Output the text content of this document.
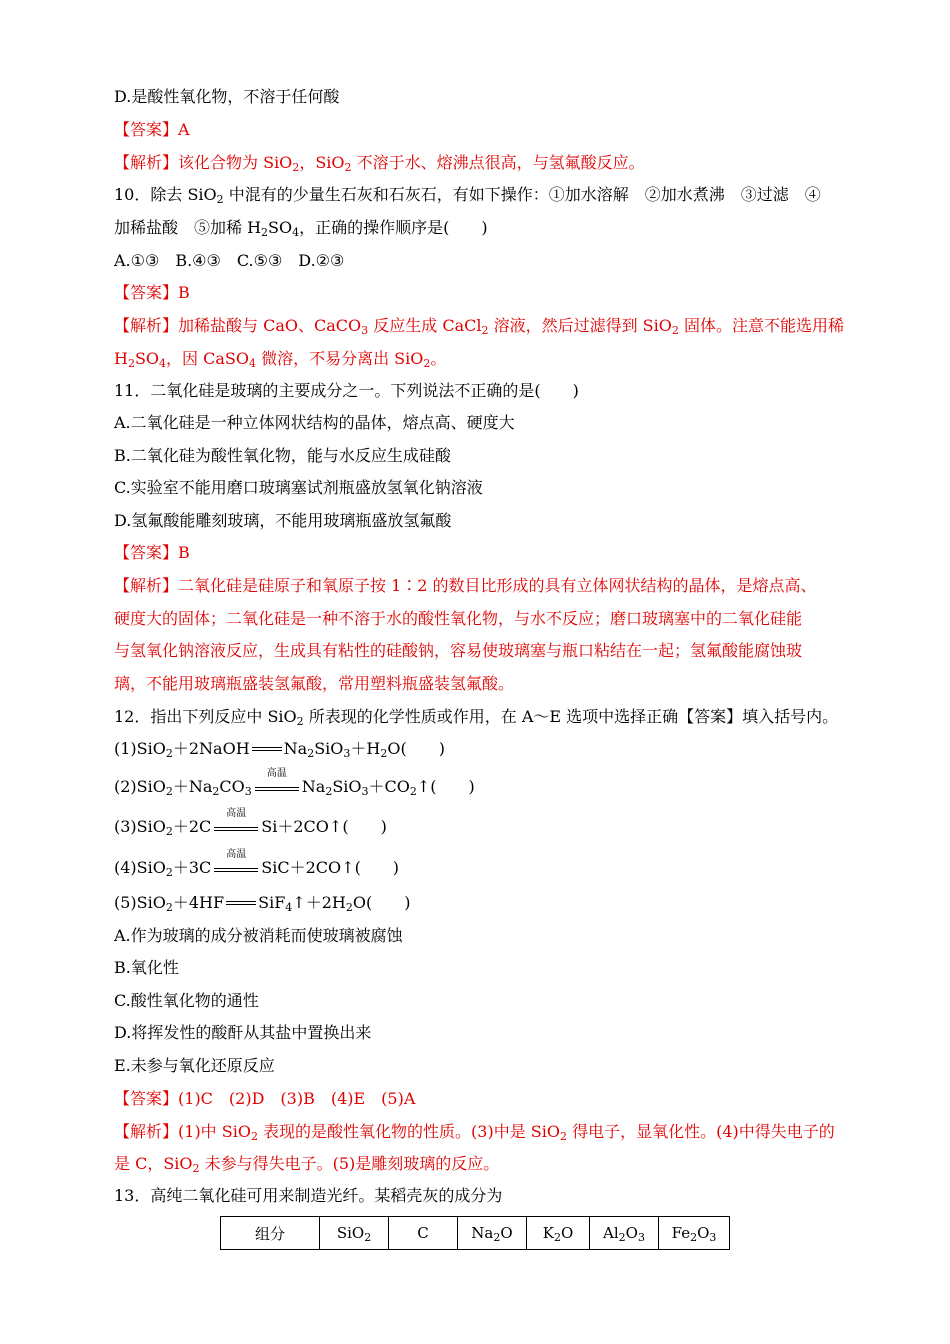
D.是酸性氧化物，不溶于任何酸
【答案】A
【解析】该化合物为 SiO$_2$，SiO$_2$ 不溶于水、熔沸点很高，与氢氟酸反应。
10．除去 SiO$_2$ 中混有的少量生石灰和石灰石，有如下操作：①加水溶解　②加水煮沸　③过滤　④
加稀盐酸　⑤加稀 $H_2SO_4$，正确的操作顺序是(　　)
A.①③　B.④③　C.⑤③　D.②③
【答案】B
【解析】加稀盐酸与 CaO、CaCO$_3$ 反应生成 CaCl$_2$ 溶液，然后过滤得到 SiO$_2$ 固体。注意不能选用稀
$H_2SO_4$，因 CaSO$_4$ 微溶，不易分离出 SiO$_2$。
11．二氧化硅是玻璃的主要成分之一。下列说法不正确的是(　　)
A.二氧化硅是一种立体网状结构的晶体，熔点高、硬度大
B.二氧化硅为酸性氧化物，能与水反应生成硅酸
C.实验室不能用磨口玻璃塞试剂瓶盛放氢氧化钠溶液
D.氢氟酸能雕刻玻璃，不能用玻璃瓶盛放氢氟酸
【答案】B
【解析】二氧化硅是硅原子和氧原子按 1∶2 的数目比形成的具有立体网状结构的晶体，是熔点高、
硬度大的固体；二氧化硅是一种不溶于水的酸性氧化物，与水不反应；磨口玻璃塞中的二氧化硅能
与氢氧化钠溶液反应，生成具有粘性的硅酸钠，容易使玻璃塞与瓶口粘结在一起；氢氟酸能腐蚀玻
璃，不能用玻璃瓶盛装氢氟酸，常用塑料瓶盛装氢氟酸。
12．指出下列反应中 SiO$_2$ 所表现的化学性质或作用，在 A～E 选项中选择正确【答案】填入括号内。
(1)SiO$_2$＋2NaOH $Na_2SiO_3+H_2O$(　　)
$(2)SiO_2+Na_2CO_3$
高温
$Na_2SiO_3+CO_2↑$(　　)
(3)SiO$_2$＋2C
高温
Si＋2CO↑(　　)
(4)SiO$_2$＋3C
高温
SiC＋2CO↑(　　)
(5)SiO$_2$＋4HF $SiF_4↑+2H_2O$(　　)
A.作为玻璃的成分被消耗而使玻璃被腐蚀
B.氧化性
C.酸性氧化物的通性
D.将挥发性的酸酐从其盐中置换出来
E.未参与氧化还原反应
【答案】(1)C　(2)D　(3)B　(4)E　(5)A
【解析】(1)中 SiO$_2$ 表现的是酸性氧化物的性质。(3)中是 SiO$_2$ 得电子，显氧化性。(4)中得失电子的
是 C，SiO$_2$ 未参与得失电子。(5)是雕刻玻璃的反应。
13．高纯二氧化硅可用来制造光纤。某稻壳灰的成分为
组分	SiO$_2$	C	$Na_2O$	$K_2O$	$Al_2O_3$	$Fe_2O_3$
